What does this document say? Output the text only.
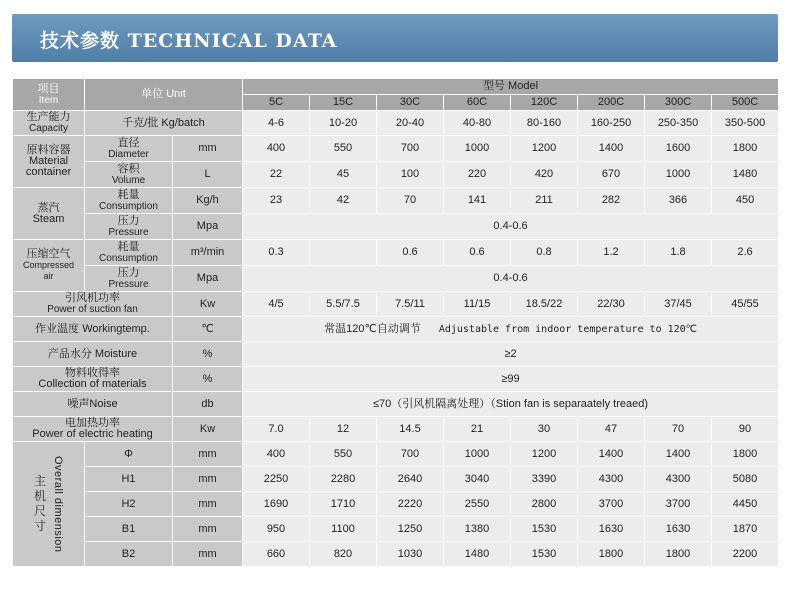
技术参数 TECHNICAL DATA
项目
Item	单位 Unit		型号 Model							
			5C	15C	30C	60C	120C	200C	300C	500C

生产能力
Capacity	千克/批 Kg/batch		4-6	10-20	20-40	40-80	80-160	160-250	250-350	350-500

原料容器
Material
container	直径
Diameter	mm	400	550	700	1000	1200	1400	1600	1800

	容积
Volume	L	22	45	100	220	420	670	1000	1480

蒸汽
Steam	耗量
Consumption	Kg/h	23	42	70	141	211	282	366	450

	压力
Pressure	Mpa	0.4-0.6							

压缩空气
Compressed
air	耗量
Consumption	m³/min	0.3		0.6	0.6	0.8	1.2	1.8	2.6

	压力
Pressure	Mpa	0.4-0.6							

引风机功率
Power of suction fan		Kw	4/5	5.5/7.5	7.5/11	11/15	18.5/22	22/30	37/45	45/55
作业温度 Workingtemp.		℃	常温120℃自动调节 Adjustable from indoor temperature to 120℃							
产品水分 Moisture		%	≥2							

物料收得率
Collection of materials		%	≥99							
噪声Noise		db	≤70（引风机隔离处理）（Stion fan is separaately treaed)							

电加热功率
Power of electric heating		Kw	7.0	12	14.5	21	30	47	70	90

主机尺寸 Overall dimension	Φ	mm	400	550	700	1000	1200	1400	1400	1800
	H1	mm	2250	2280	2640	3040	3390	4300	4300	5080
	H2	mm	1690	1710	2220	2550	2800	3700	3700	4450
	B1	mm	950	1100	1250	1380	1530	1630	1630	1870
	B2	mm	660	820	1030	1480	1530	1800	1800	2200
